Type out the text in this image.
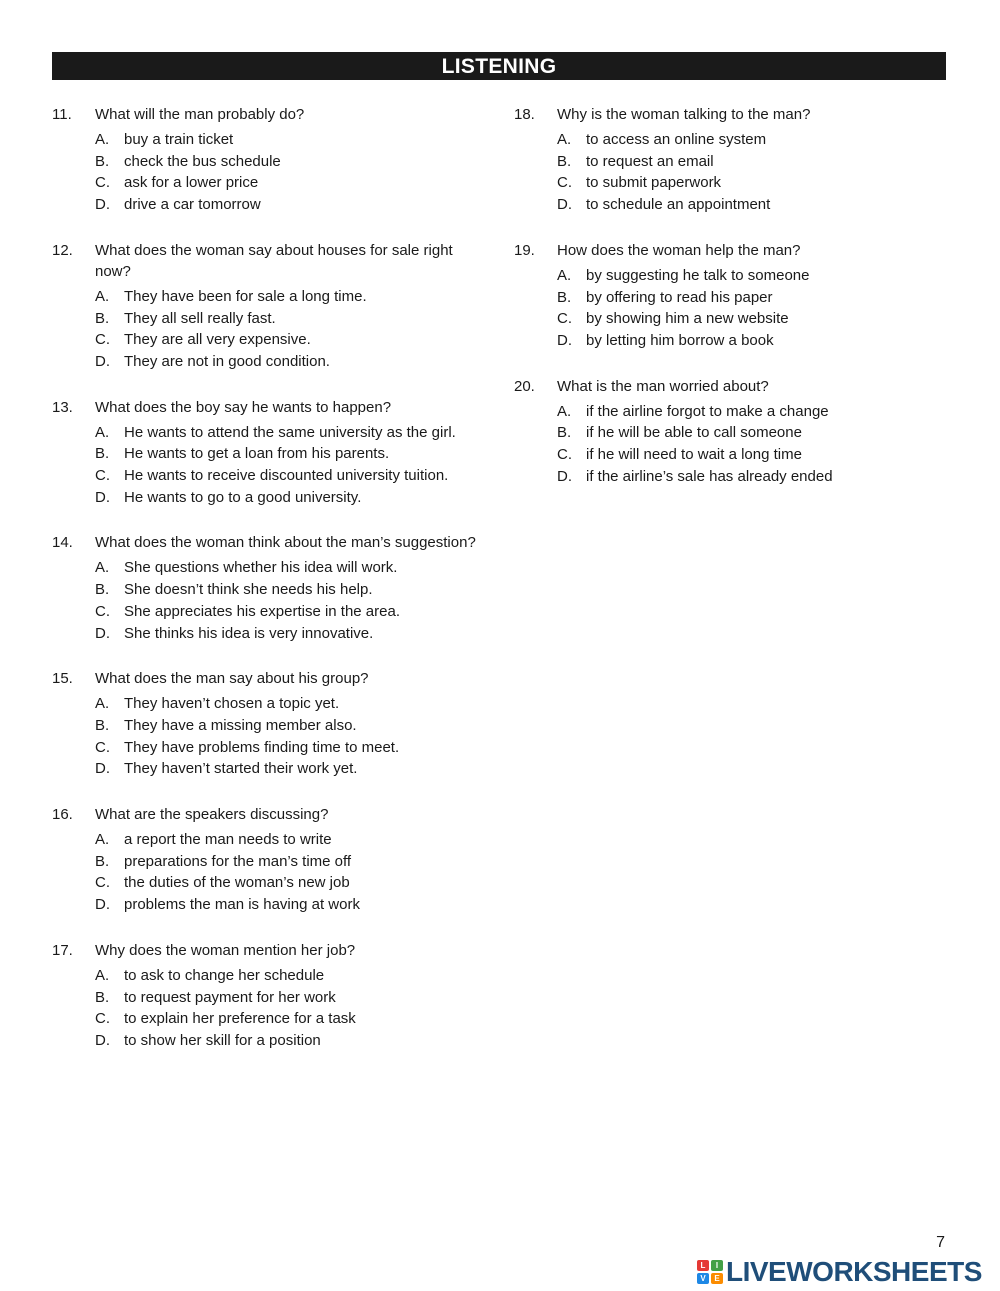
LISTENING
11.	What will the man probably do?
A. buy a train ticket
B. check the bus schedule
C. ask for a lower price
D. drive a car tomorrow
12.	What does the woman say about houses for sale right now?
A. They have been for sale a long time.
B. They all sell really fast.
C. They are all very expensive.
D. They are not in good condition.
13.	What does the boy say he wants to happen?
A. He wants to attend the same university as the girl.
B. He wants to get a loan from his parents.
C. He wants to receive discounted university tuition.
D. He wants to go to a good university.
14.	What does the woman think about the man’s suggestion?
A. She questions whether his idea will work.
B. She doesn’t think she needs his help.
C. She appreciates his expertise in the area.
D. She thinks his idea is very innovative.
15.	What does the man say about his group?
A. They haven’t chosen a topic yet.
B. They have a missing member also.
C. They have problems finding time to meet.
D. They haven’t started their work yet.
16.	What are the speakers discussing?
A. a report the man needs to write
B. preparations for the man’s time off
C. the duties of the woman’s new job
D. problems the man is having at work
17.	Why does the woman mention her job?
A. to ask to change her schedule
B. to request payment for her work
C. to explain her preference for a task
D. to show her skill for a position
18.	Why is the woman talking to the man?
A. to access an online system
B. to request an email
C. to submit paperwork
D. to schedule an appointment
19.	How does the woman help the man?
A. by suggesting he talk to someone
B. by offering to read his paper
C. by showing him a new website
D. by letting him borrow a book
20.	What is the man worried about?
A. if the airline forgot to make a change
B. if he will be able to call someone
C. if he will need to wait a long time
D. if the airline’s sale has already ended
7
L	I
V	E LIVEWORKSHEETS
